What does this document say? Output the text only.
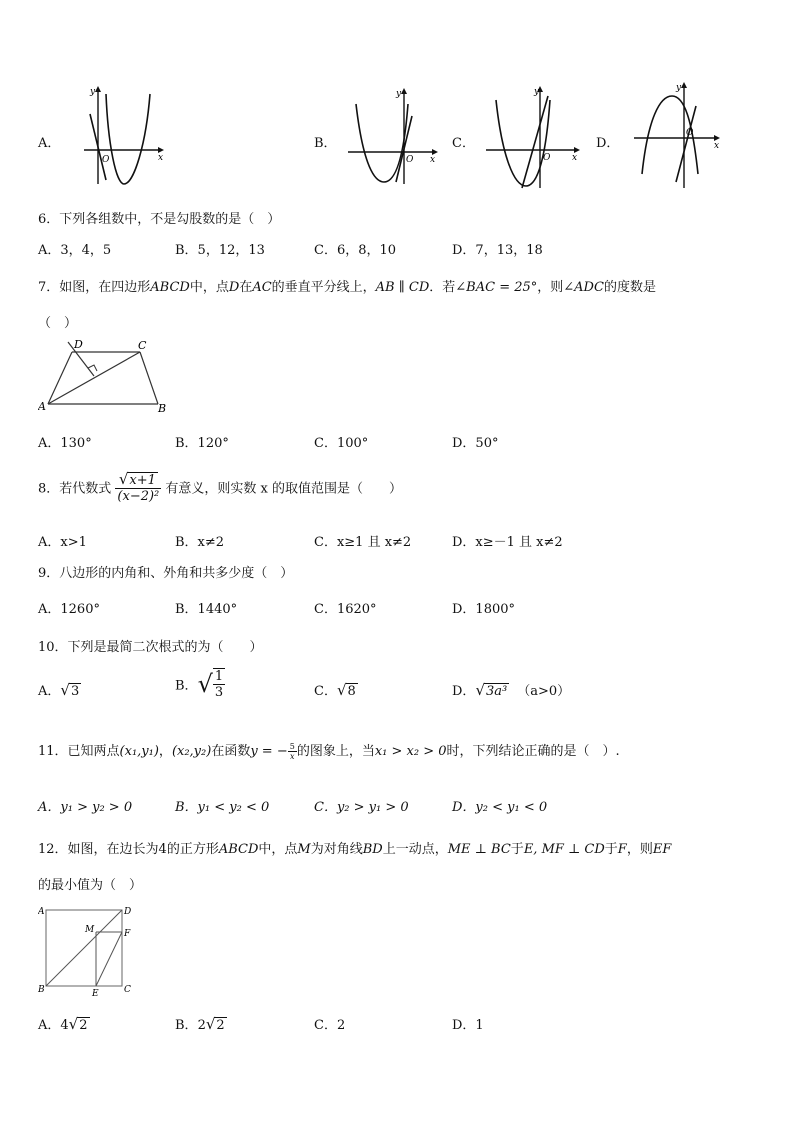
A．
y
x
O
B．
y
x
O
C．
y
x
O
D．
y
x
O
6．下列各组数中，不是勾股数的是（　）
A．3，4，5	B．5，12，13	C．6，8，10	D．7，13，18
7．如图，在四边形ABCD中，点D在AC的垂直平分线上，AB ∥ CD．若∠BAC = 25°，则∠ADC的度数是
（　）
A	B
C
D
A．130°	B．120°	C．100°	D．50°
8．若代数式 $\frac{√x+1}{\text{(x−2)²}}$ 有意义，则实数 x 的取值范围是（　　）
A．x>1	B．x≠2	C．x≥1 且 x≠2	D．x≥－1 且 x≠2
9．八边形的内角和、外角和共多少度（　）
A．1260°	B．1440°	C．1620°	D．1800°
10．下列是最简二次根式的为（　　）
A．√3	B．√ $\frac{1}{3}$	C．√8	D．√3a³ （a>0）
11．已知两点(x₁,y₁)，(x₂,y₂)在函数y = − $\frac{5}{x}$ 的图象上，当x₁ > x₂ > 0时，下列结论正确的是（　）.
A．y₁ > y₂ > 0	B．y₁ < y₂ < 0	C．y₂ > y₁ > 0	D．y₂ < y₁ < 0
12．如图，在边长为4的正方形ABCD中，点M为对角线BD上一动点，ME ⊥ BC于E, MF ⊥ CD于F，则EF
的最小值为（　）
A
B	C
D
M
E
F
A．4√2	B．2√2	C．2	D．1
